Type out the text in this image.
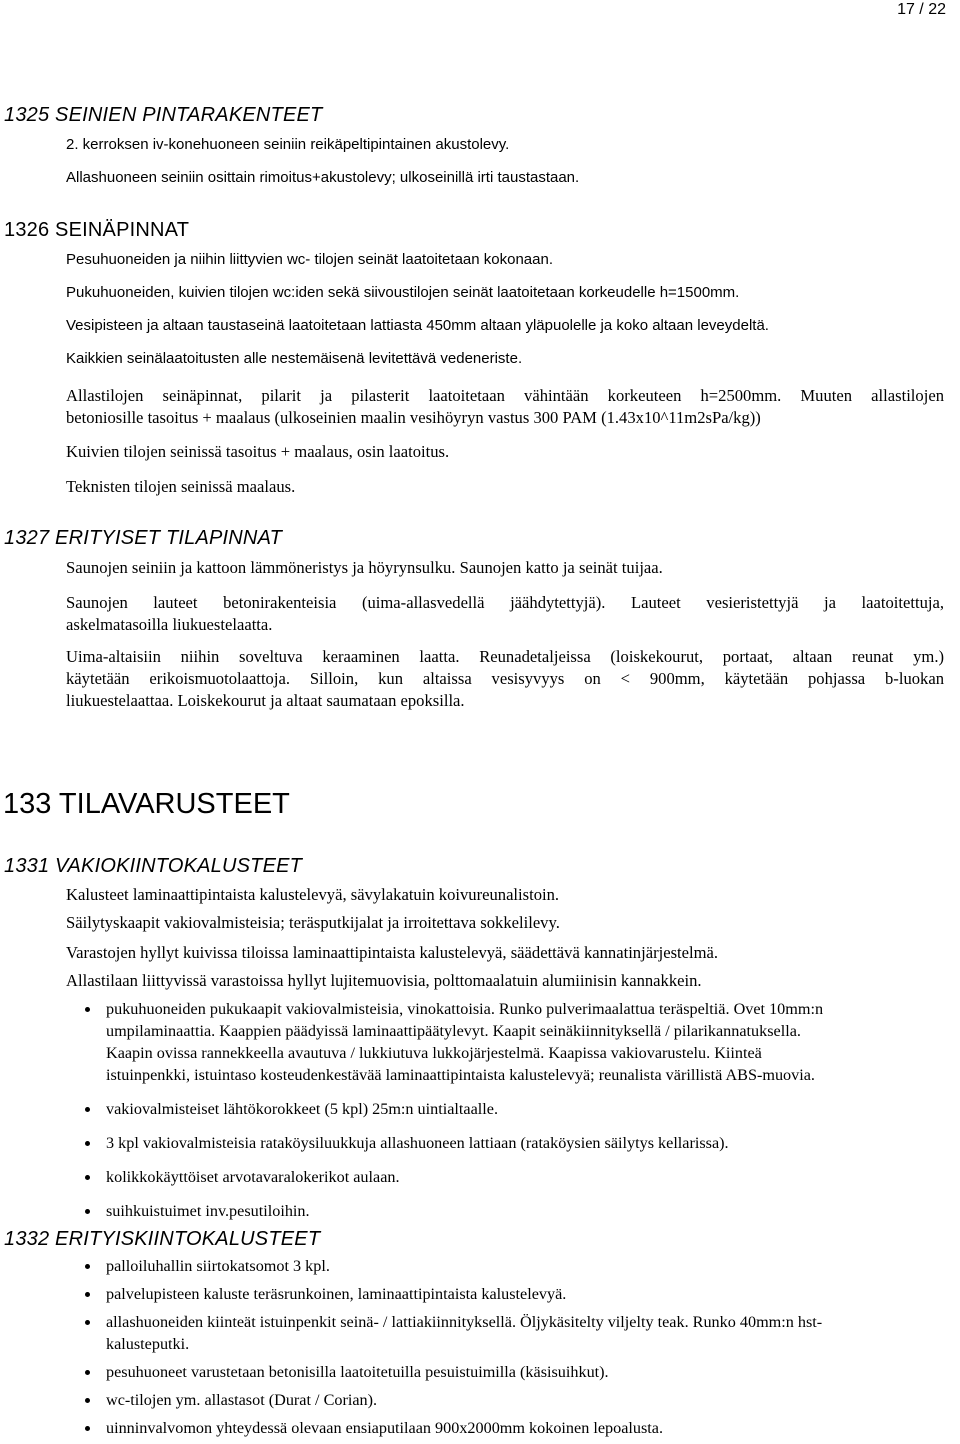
17 / 22
1325 SEINIEN PINTARAKENTEET
2. kerroksen iv-konehuoneen seiniin reikäpeltipintainen akustolevy.
Allashuoneen seiniin osittain rimoitus+akustolevy; ulkoseinillä irti taustastaan.
1326 SEINÄPINNAT
Pesuhuoneiden ja niihin liittyvien wc- tilojen seinät laatoitetaan kokonaan.
Pukuhuoneiden, kuivien tilojen wc:iden sekä siivoustilojen seinät laatoitetaan korkeudelle h=1500mm.
Vesipisteen ja altaan taustaseinä laatoitetaan lattiasta 450mm altaan yläpuolelle ja koko altaan leveydeltä.
Kaikkien seinälaatoitusten alle nestemäisenä levitettävä vedeneriste.
Allastilojen seinäpinnat, pilarit ja pilasterit laatoitetaan vähintään korkeuteen h=2500mm. Muuten allastilojen
betoniosille tasoitus + maalaus (ulkoseinien maalin vesihöyryn vastus 300 PAM (1.43x10^11m2sPa/kg))
Kuivien tilojen seinissä tasoitus + maalaus, osin laatoitus.
Teknisten tilojen seinissä maalaus.
1327 ERITYISET TILAPINNAT
Saunojen seiniin ja kattoon lämmöneristys ja höyrynsulku. Saunojen katto ja seinät tuijaa.
Saunojen lauteet betonirakenteisia (uima-allasvedellä jäähdytettyjä). Lauteet vesieristettyjä ja laatoitettuja,
askelmatasoilla liukuestelaatta.
Uima-altaisiin niihin soveltuva keraaminen laatta. Reunadetaljeissa (loiskekourut, portaat, altaan reunat ym.)
käytetään erikoismuotolaattoja. Silloin, kun altaissa vesisyvyys on < 900mm, käytetään pohjassa b-luokan
liukuestelaattaa. Loiskekourut ja altaat saumataan epoksilla.
133 TILAVARUSTEET
1331 VAKIOKIINTOKALUSTEET
Kalusteet laminaattipintaista kalustelevyä, sävylakatuin koivureunalistoin.
Säilytyskaapit vakiovalmisteisia; teräsputkijalat ja irroitettava sokkelilevy.
Varastojen hyllyt kuivissa tiloissa laminaattipintaista kalustelevyä, säädettävä kannatinjärjestelmä.
Allastilaan liittyvissä varastoissa hyllyt lujitemuovisia, polttomaalatuin alumiinisin kannakkein.
pukuhuoneiden pukukaapit vakiovalmisteisia, vinokattoisia. Runko pulverimaalattua teräspeltiä. Ovet 10mm:n
umpilaminaattia. Kaappien päädyissä laminaattipäätylevyt. Kaapit seinäkiinnityksellä / pilarikannatuksella.
Kaapin ovissa rannekkeella avautuva / lukkiutuva lukkojärjestelmä. Kaapissa vakiovarustelu. Kiinteä
istuinpenkki, istuintaso kosteudenkestävää laminaattipintaista kalustelevyä; reunalista värillistä ABS-muovia.
vakiovalmisteiset lähtökorokkeet (5 kpl) 25m:n uintialtaalle.
3 kpl vakiovalmisteisia rataköysiluukkuja allashuoneen lattiaan (rataköysien säilytys kellarissa).
kolikkokäyttöiset arvotavaralokerikot aulaan.
suihkuistuimet inv.pesutiloihin.
1332 ERITYISKIINTOKALUSTEET
palloiluhallin siirtokatsomot 3 kpl.
palvelupisteen kaluste teräsrunkoinen, laminaattipintaista kalustelevyä.
allashuoneiden kiinteät istuinpenkit seinä- / lattiakiinnityksellä. Öljykäsitelty viljelty teak. Runko 40mm:n hst-
kalusteputki.
pesuhuoneet varustetaan betonisilla laatoitetuilla pesuistuimilla (käsisuihkut).
wc-tilojen ym. allastasot (Durat / Corian).
uinninvalvomon yhteydessä olevaan ensiaputilaan 900x2000mm kokoinen lepoalusta.
